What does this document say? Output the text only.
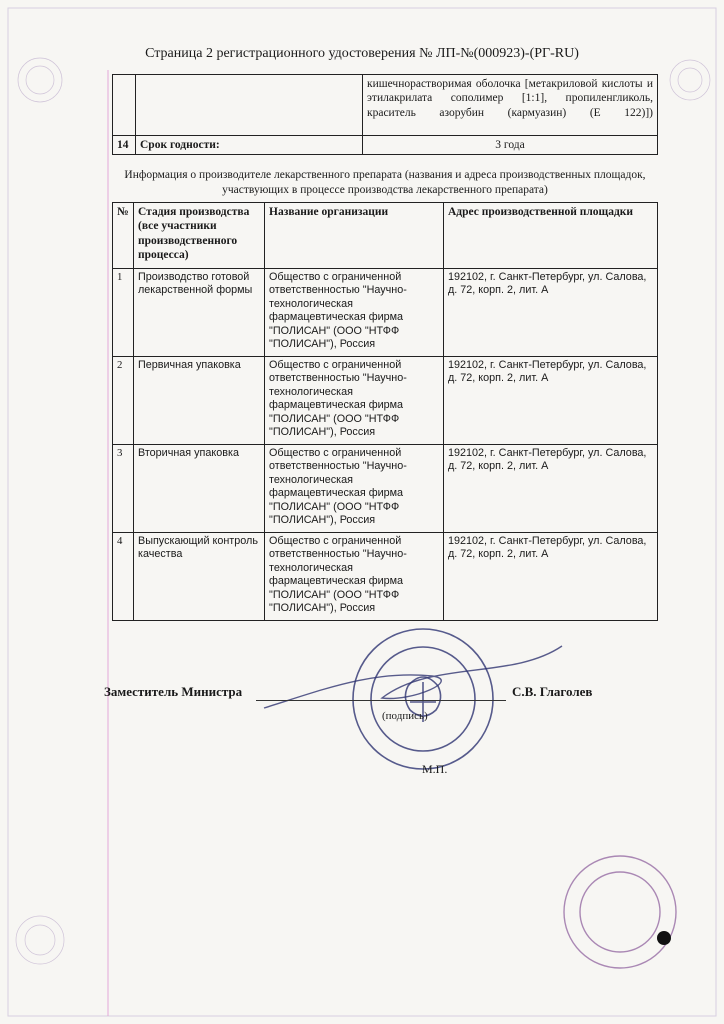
Страница 2 регистрационного удостоверения № ЛП-№(000923)-(РГ-RU)
		кишечнорастворимая оболочка [метакриловой кислоты и этилакрилата сополимер [1:1], пропиленгликоль, краситель азорубин (кармуазин) (Е 122)])
14	Срок годности:	3 года
Информация о производителе лекарственного препарата (названия и адреса производственных площадок, участвующих в процессе производства лекарственного препарата)
№	Стадия производства (все участники производственного процесса)	Название организации	Адрес производственной площадки
1	Производство готовой лекарственной формы	Общество с ограниченной ответственностью "Научно-технологическая фармацевтическая фирма "ПОЛИСАН" (ООО "НТФФ "ПОЛИСАН"), Россия	192102, г. Санкт-Петербург, ул. Салова, д. 72, корп. 2, лит. А
2	Первичная упаковка	Общество с ограниченной ответственностью "Научно-технологическая фармацевтическая фирма "ПОЛИСАН" (ООО "НТФФ "ПОЛИСАН"), Россия	192102, г. Санкт-Петербург, ул. Салова, д. 72, корп. 2, лит. А
3	Вторичная упаковка	Общество с ограниченной ответственностью "Научно-технологическая фармацевтическая фирма "ПОЛИСАН" (ООО "НТФФ "ПОЛИСАН"), Россия	192102, г. Санкт-Петербург, ул. Салова, д. 72, корп. 2, лит. А
4	Выпускающий контроль качества	Общество с ограниченной ответственностью "Научно-технологическая фармацевтическая фирма "ПОЛИСАН" (ООО "НТФФ "ПОЛИСАН"), Россия	192102, г. Санкт-Петербург, ул. Салова, д. 72, корп. 2, лит. А
Заместитель Министра
(подпись)
С.В. Глаголев
М.П.
